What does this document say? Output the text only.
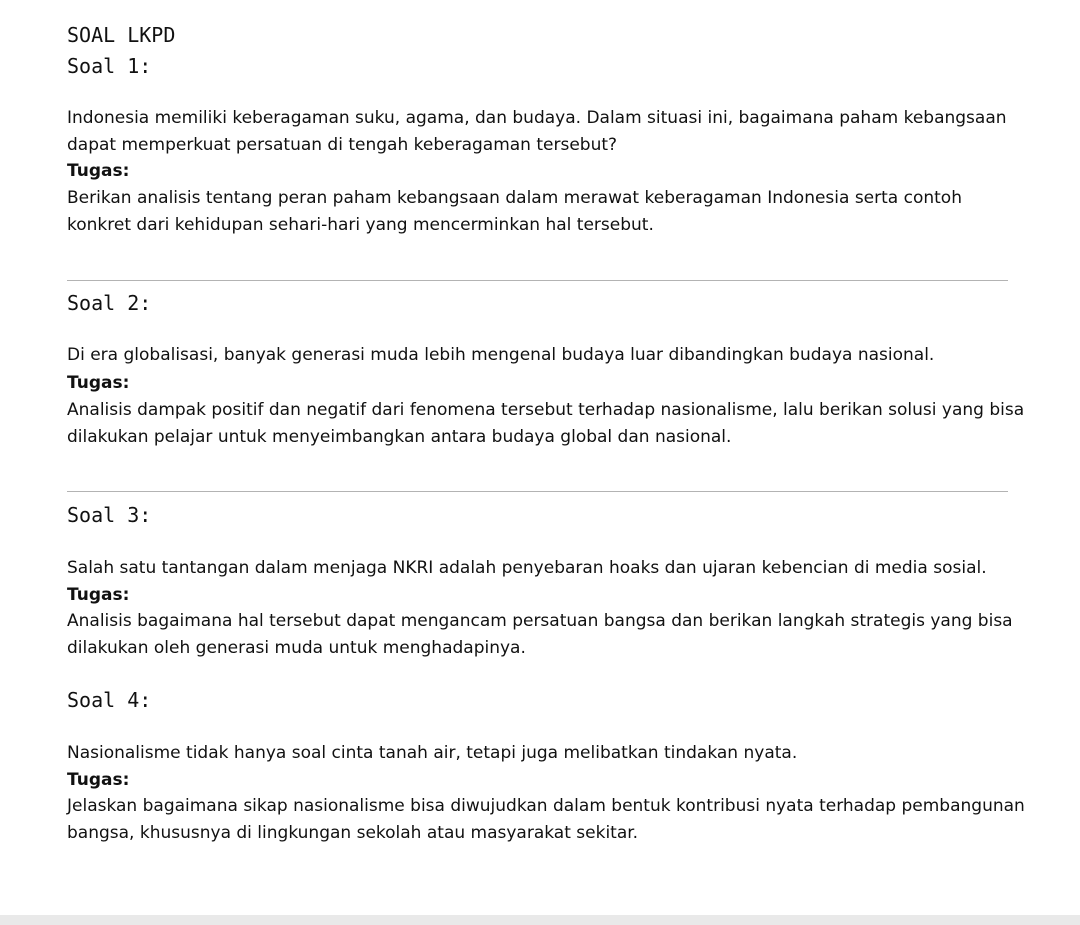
SOAL LKPD
Soal 1:
Indonesia memiliki keberagaman suku, agama, dan budaya. Dalam situasi ini, bagaimana paham kebangsaan dapat memperkuat persatuan di tengah keberagaman tersebut?
Tugas:
Berikan analisis tentang peran paham kebangsaan dalam merawat keberagaman Indonesia serta contoh konkret dari kehidupan sehari-hari yang mencerminkan hal tersebut.
Soal 2:
Di era globalisasi, banyak generasi muda lebih mengenal budaya luar dibandingkan budaya nasional.
Tugas:
Analisis dampak positif dan negatif dari fenomena tersebut terhadap nasionalisme, lalu berikan solusi yang bisa dilakukan pelajar untuk menyeimbangkan antara budaya global dan nasional.
Soal 3:
Salah satu tantangan dalam menjaga NKRI adalah penyebaran hoaks dan ujaran kebencian di media sosial.
Tugas:
Analisis bagaimana hal tersebut dapat mengancam persatuan bangsa dan berikan langkah strategis yang bisa dilakukan oleh generasi muda untuk menghadapinya.
Soal 4:
Nasionalisme tidak hanya soal cinta tanah air, tetapi juga melibatkan tindakan nyata.
Tugas:
Jelaskan bagaimana sikap nasionalisme bisa diwujudkan dalam bentuk kontribusi nyata terhadap pembangunan bangsa, khususnya di lingkungan sekolah atau masyarakat sekitar.
